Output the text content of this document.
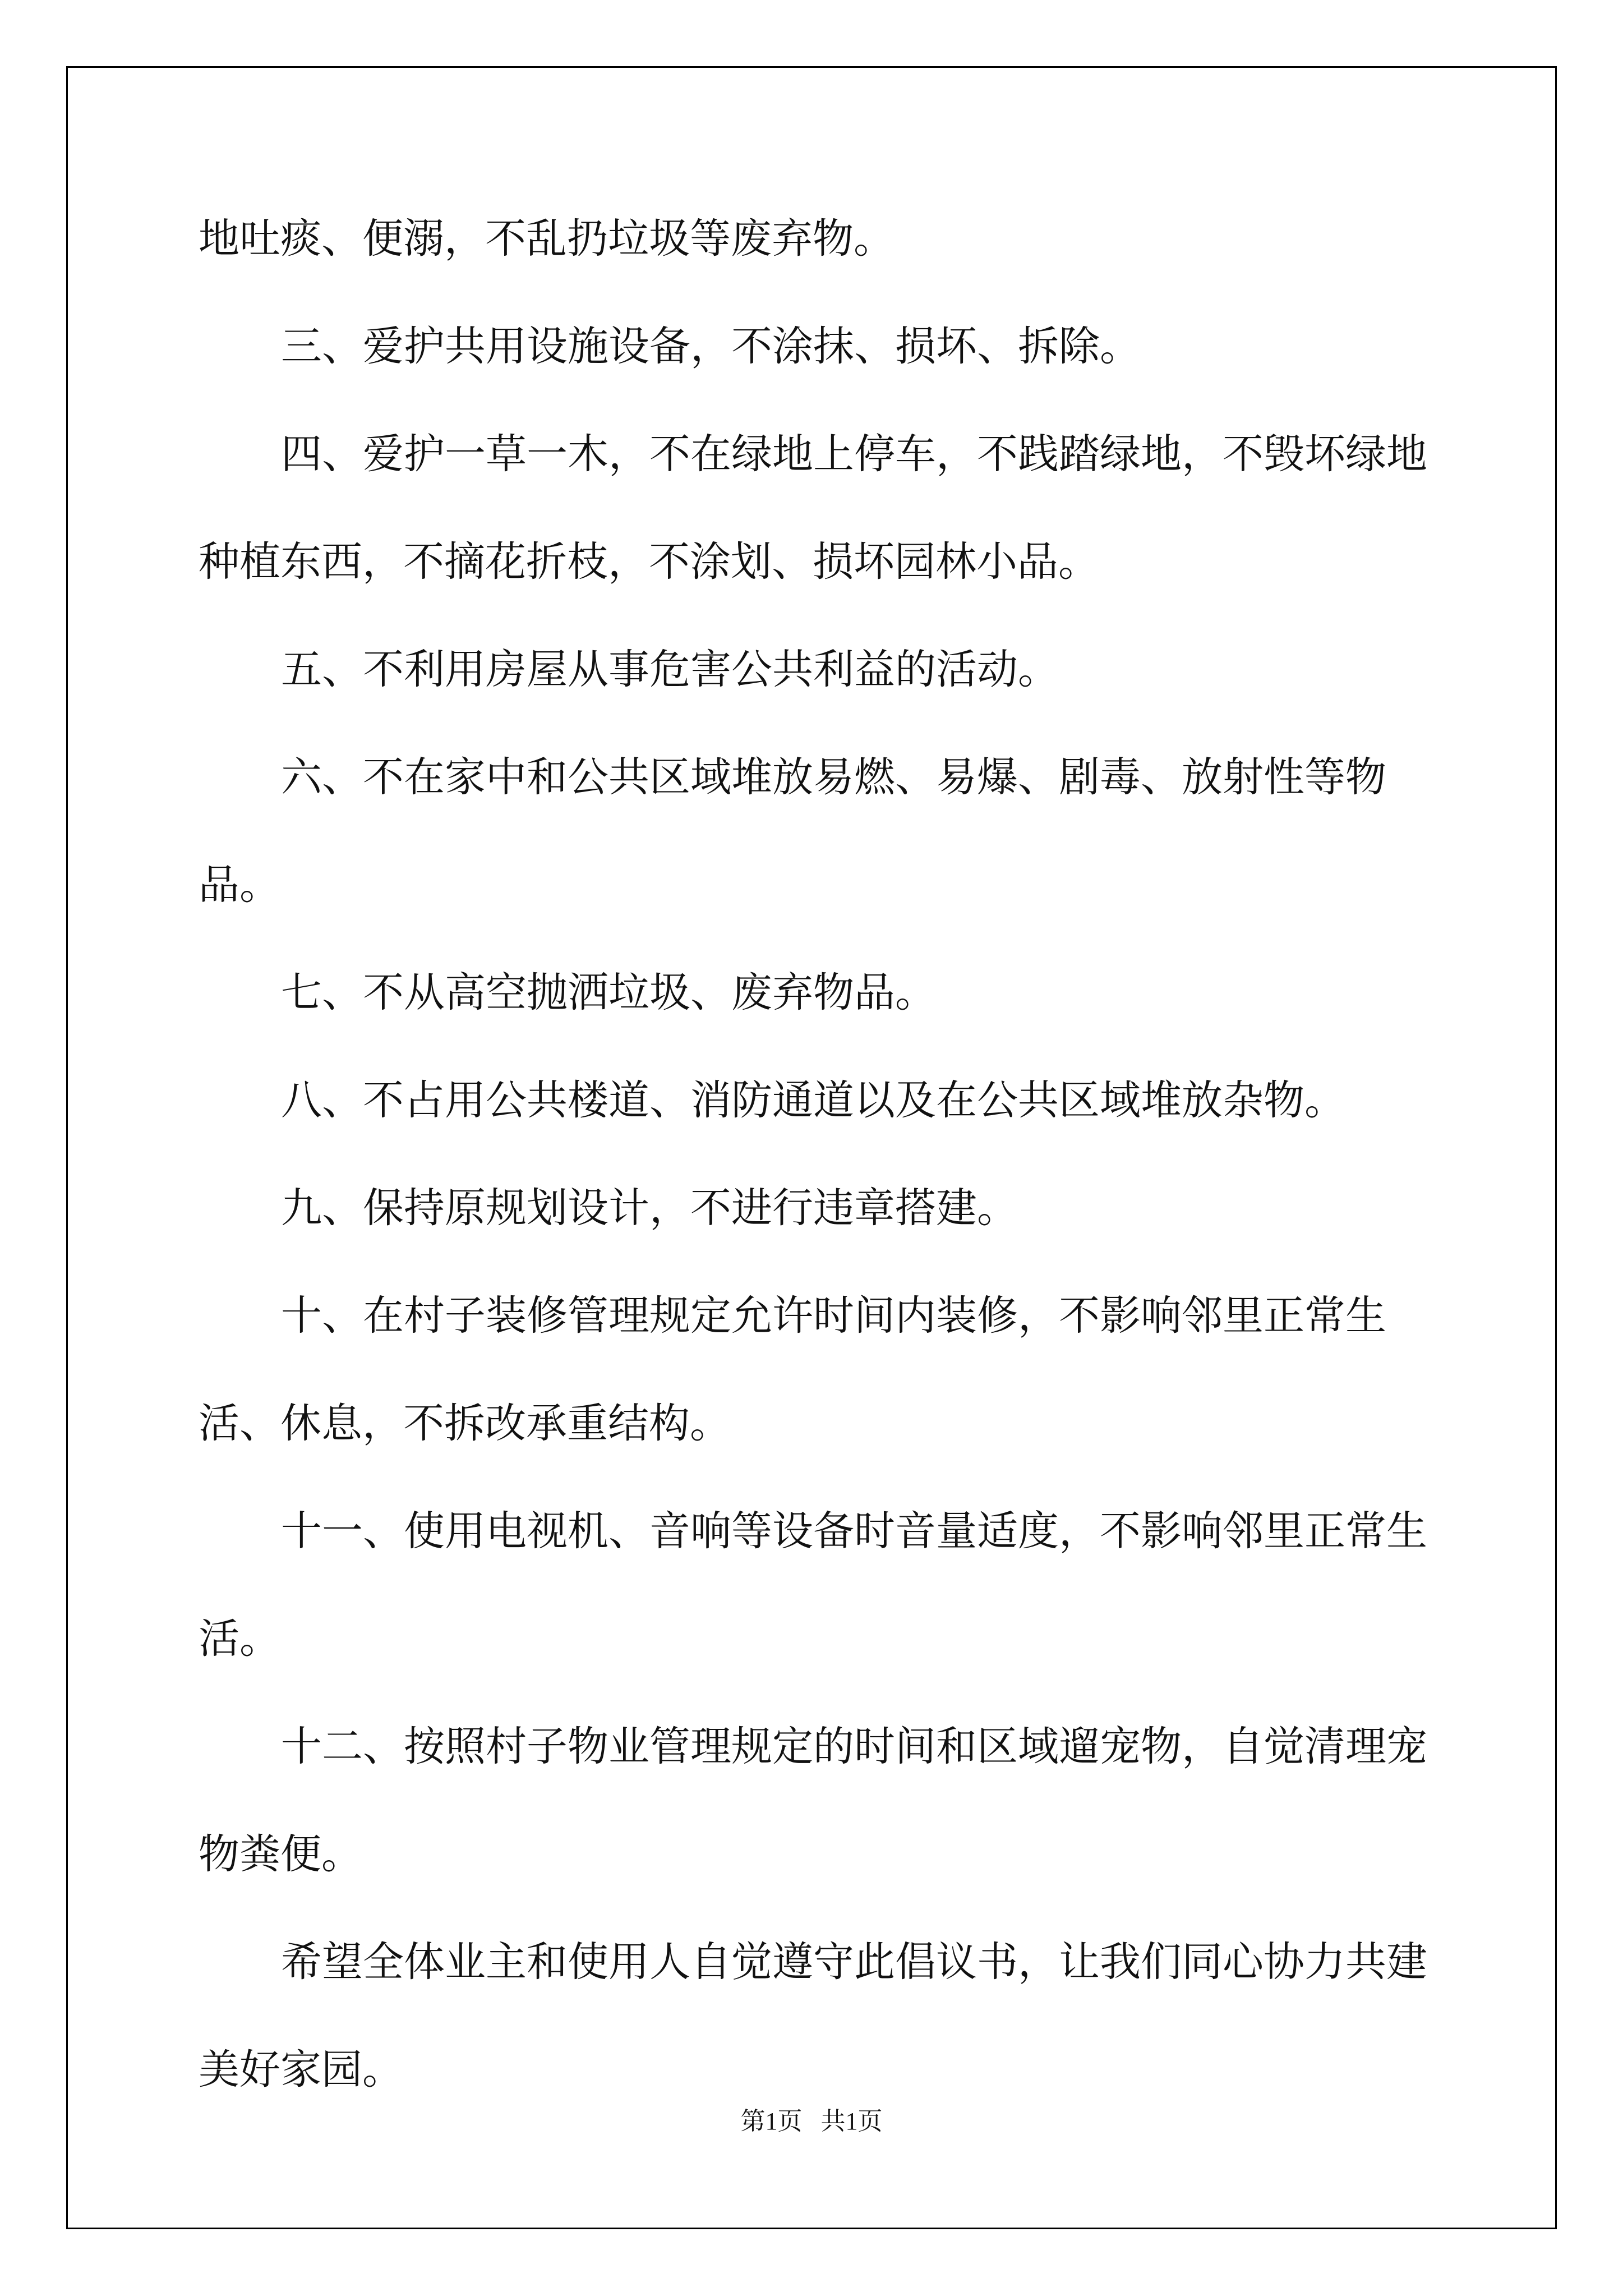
地吐痰、便溺，不乱扔垃圾等废弃物。

三、爱护共用设施设备，不涂抹、损坏、拆除。

四、爱护一草一木，不在绿地上停车，不践踏绿地，不毁坏绿地种植东西，不摘花折枝，不涂划、损坏园林小品。

五、不利用房屋从事危害公共利益的活动。

六、不在家中和公共区域堆放易燃、易爆、剧毒、放射性等物品。

七、不从高空抛洒垃圾、废弃物品。

八、不占用公共楼道、消防通道以及在公共区域堆放杂物。

九、保持原规划设计，不进行违章搭建。

十、在村子装修管理规定允许时间内装修，不影响邻里正常生活、休息，不拆改承重结构。

十一、使用电视机、音响等设备时音量适度，不影响邻里正常生活。

十二、按照村子物业管理规定的时间和区域遛宠物，自觉清理宠物粪便。

希望全体业主和使用人自觉遵守此倡议书，让我们同心协力共建美好家园。

第1页 共1页
